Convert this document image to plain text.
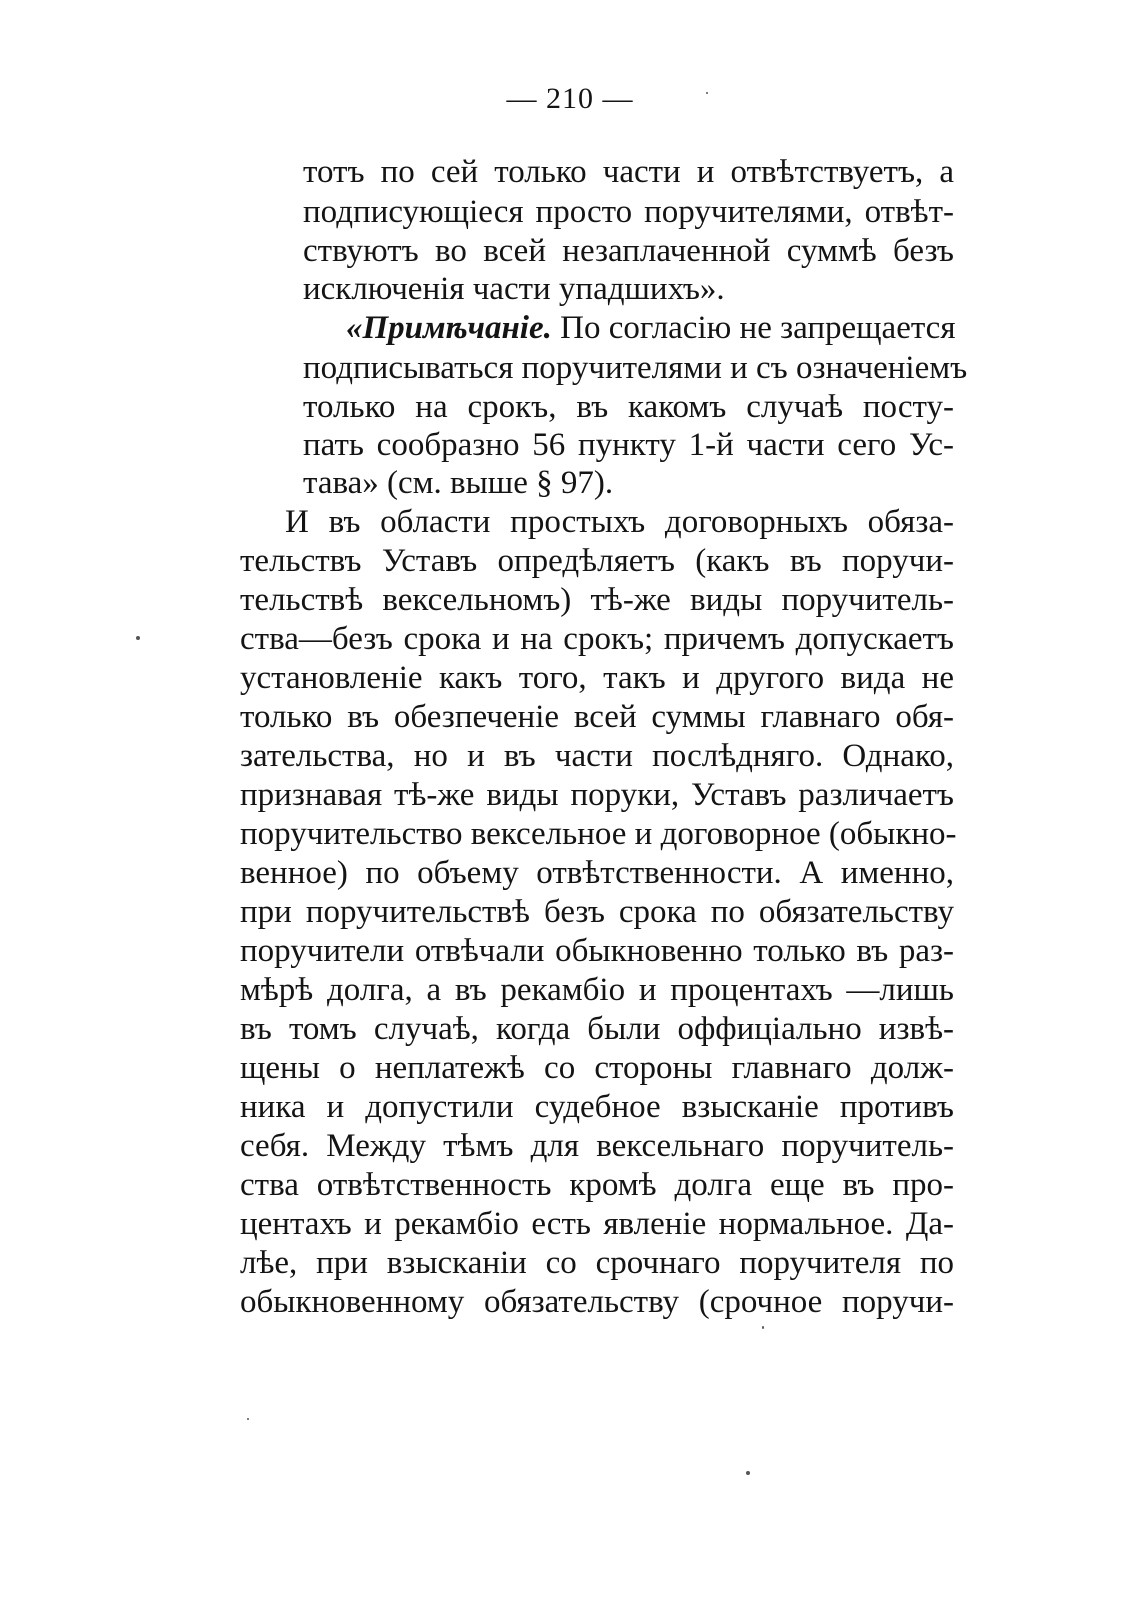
— 210 —
тотъ по сей только части и отвѣтствуетъ, а
подписующіеся просто поручителями, отвѣт-
ствуютъ во всей незаплаченной суммѣ безъ
исключенія части упадшихъ».
«Примѣчаніе. По согласію не запрещается
подписываться поручителями и съ означеніемъ
только на срокъ, въ какомъ случаѣ посту-
пать сообразно 56 пункту 1-й части сего Ус-
тава» (см. выше § 97).
И въ области простыхъ договорныхъ обяза-
тельствъ Уставъ опредѣляетъ (какъ въ поручи-
тельствѣ вексельномъ) тѣ-же виды поручитель-
ства—безъ срока и на срокъ; причемъ допускаетъ
установленіе какъ того, такъ и другого вида не
только въ обезпеченіе всей суммы главнаго обя-
зательства, но и въ части послѣдняго. Однако,
признавая тѣ-же виды поруки, Уставъ различаетъ
поручительство вексельное и договорное (обыкно-
венное) по объему отвѣтственности. А именно,
при поручительствѣ безъ срока по обязательству
поручители отвѣчали обыкновенно только въ раз-
мѣрѣ долга, а въ рекамбіо и процентахъ —лишь
въ томъ случаѣ, когда были оффиціально извѣ-
щены о неплатежѣ со стороны главнаго долж-
ника и допустили судебное взысканіе противъ
себя. Между тѣмъ для вексельнаго поручитель-
ства отвѣтственность кромѣ долга еще въ про-
центахъ и рекамбіо есть явленіе нормальное. Да-
лѣе, при взысканіи со срочнаго поручителя по
обыкновенному обязательству (срочное поручи-
